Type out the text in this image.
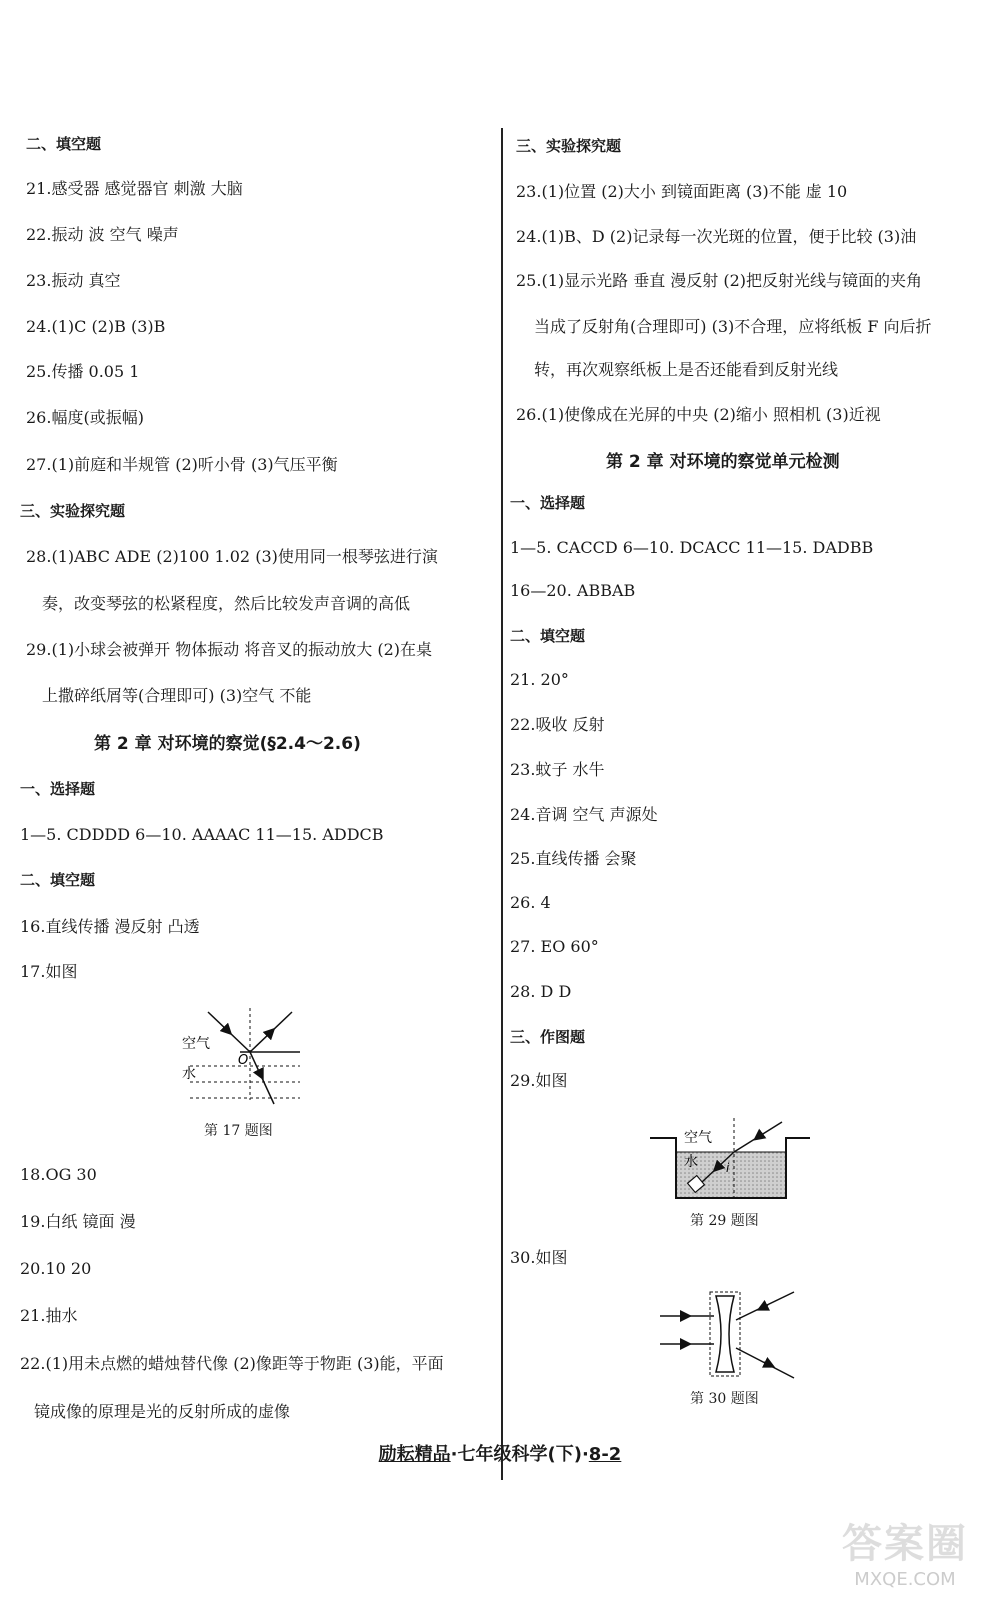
二、填空题
21.感受器 感觉器官 刺激 大脑
22.振动 波 空气 噪声
23.振动 真空
24.(1)C (2)B (3)B
25.传播 0.05 1
26.幅度(或振幅)
27.(1)前庭和半规管 (2)听小骨 (3)气压平衡
三、实验探究题
28.(1)ABC ADE (2)100 1.02 (3)使用同一根琴弦进行演
奏，改变琴弦的松紧程度，然后比较发声音调的高低
29.(1)小球会被弹开 物体振动 将音叉的振动放大 (2)在桌
上撒碎纸屑等(合理即可) (3)空气 不能
第 2 章 对环境的察觉(§2.4～2.6)
一、选择题
1—5. CDDDD 6—10. AAAAC 11—15. ADDCB
二、填空题
16.直线传播 漫反射 凸透
17.如图
空气
水
O
第 17 题图
18.OG 30
19.白纸 镜面 漫
20.10 20
21.抽水
22.(1)用未点燃的蜡烛替代像 (2)像距等于物距 (3)能，平面
镜成像的原理是光的反射所成的虚像
三、实验探究题
23.(1)位置 (2)大小 到镜面距离 (3)不能 虚 10
24.(1)B、D (2)记录每一次光斑的位置，便于比较 (3)油
25.(1)显示光路 垂直 漫反射 (2)把反射光线与镜面的夹角
当成了反射角(合理即可) (3)不合理，应将纸板 F 向后折
转，再次观察纸板上是否还能看到反射光线
26.(1)使像成在光屏的中央 (2)缩小 照相机 (3)近视
第 2 章 对环境的察觉单元检测
一、选择题
1—5. CACCD 6—10. DCACC 11—15. DADBB
16—20. ABBAB
二、填空题
21. 20°
22.吸收 反射
23.蚊子 水牛
24.音调 空气 声源处
25.直线传播 会聚
26. 4
27. EO 60°
28. D D
三、作图题
29.如图
空气
水 i
第 29 题图
30.如图
第 30 题图
励耘精品·七年级科学(下)·8-2
答案圈
MXQE.COM
